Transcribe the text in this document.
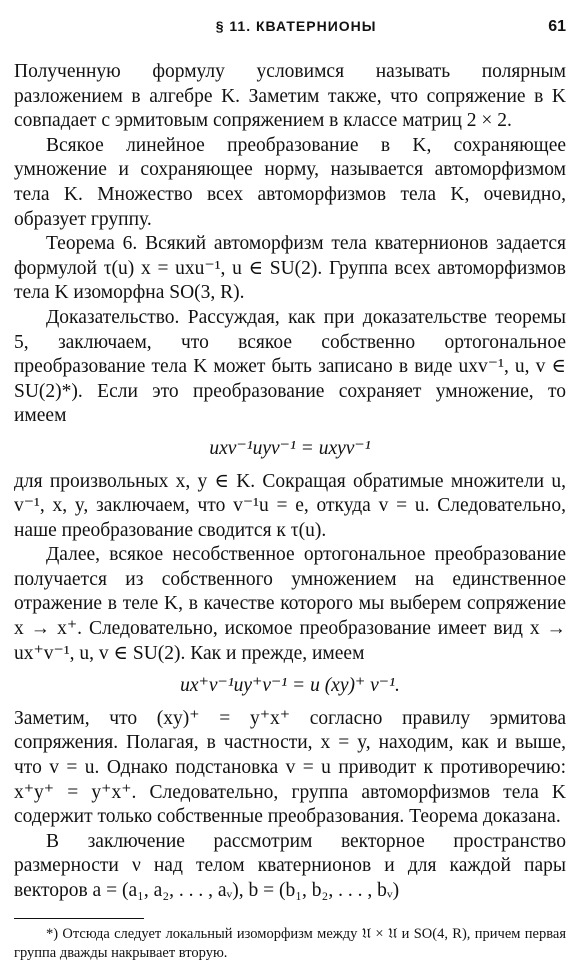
§ 11. КВАТЕРНИОНЫ	61

Полученную формулу условимся называть полярным разложением в алгебре K. Заметим также, что сопряжение в K совпадает с эрмитовым сопряжением в классе матриц 2 × 2.

Всякое линейное преобразование в K, сохраняющее умножение и сохраняющее норму, называется автоморфизмом тела K. Множество всех автоморфизмов тела K, очевидно, образует группу.

Теорема 6. Всякий автоморфизм тела кватернионов задается формулой τ(u) x = uxu⁻¹, u ∈ SU(2). Группа всех автоморфизмов тела K изоморфна SO(3, R).

Доказательство. Рассуждая, как при доказательстве теоремы 5, заключаем, что всякое собственно ортогональное преобразование тела K может быть записано в виде uxv⁻¹, u, v ∈ SU(2)*). Если это преобразование сохраняет умножение, то имеем

uxv⁻¹uyv⁻¹ = uxyv⁻¹

для произвольных x, y ∈ K. Сокращая обратимые множители u, v⁻¹, x, y, заключаем, что v⁻¹u = e, откуда v = u. Следовательно, наше преобразование сводится к τ(u).

Далее, всякое несобственное ортогональное преобразование получается из собственного умножением на единственное отражение в теле K, в качестве которого мы выберем сопряжение x → x⁺. Следовательно, искомое преобразование имеет вид x → ux⁺v⁻¹, u, v ∈ SU(2). Как и прежде, имеем

ux⁺v⁻¹uy⁺v⁻¹ = u (xy)⁺ v⁻¹.

Заметим, что (xy)⁺ = y⁺x⁺ согласно правилу эрмитова сопряжения. Полагая, в частности, x = y, находим, как и выше, что v = u. Однако подстановка v = u приводит к противоречию: x⁺y⁺ = y⁺x⁺. Следовательно, группа автоморфизмов тела K содержит только собственные преобразования. Теорема доказана.

В заключение рассмотрим векторное пространство размерности ν над телом кватернионов и для каждой пары векторов a = (a₁, a₂, . . . , aᵥ), b = (b₁, b₂, . . . , bᵥ)

*) Отсюда следует локальный изоморфизм между 𝔘 × 𝔘 и SO(4, R), причем первая группа дважды накрывает вторую.
